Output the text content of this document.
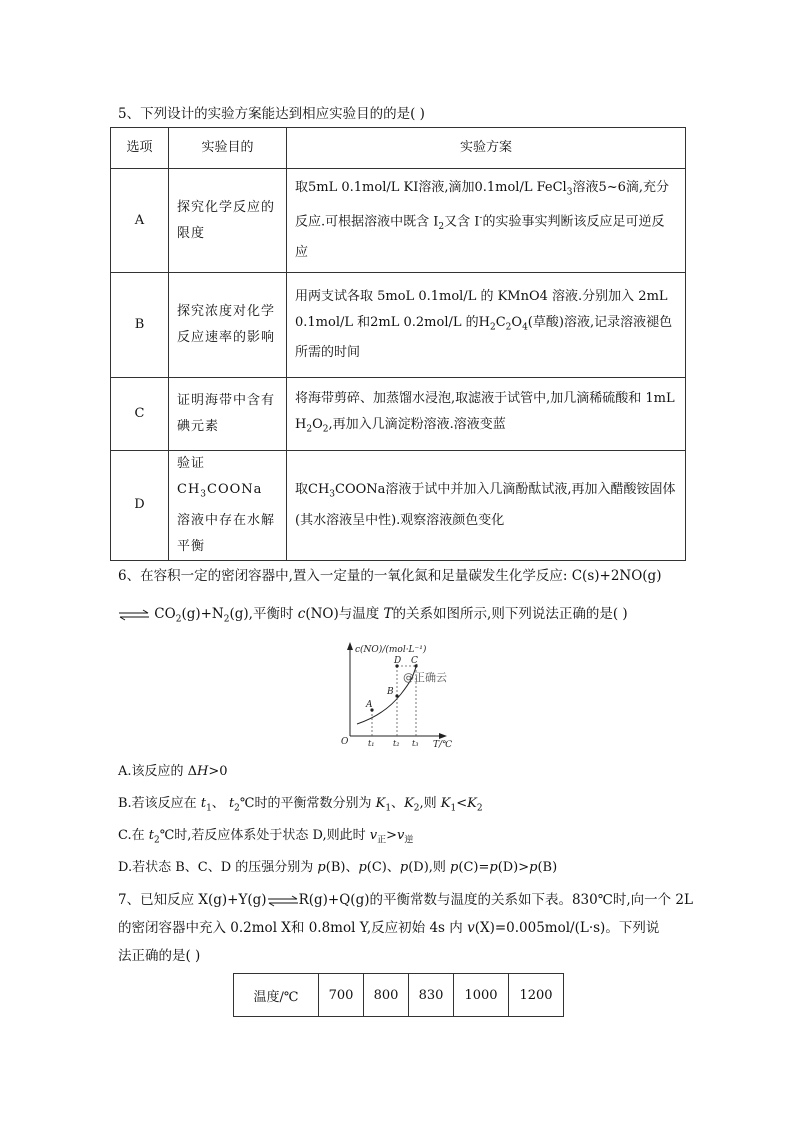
5、下列设计的实验方案能达到相应实验目的的是( )
选项	实验目的	实验方案
A	探究化学反应的限度	取5mL 0.1mol/L KI溶液,滴加0.1mol/L FeCl$_3$溶液5~6滴,充分反应.可根据溶液中既含 $I_2$又含 I-的实验事实判断该反应足可逆反应
B	探究浓度对化学反应速率的影响	用两支试各取 5moL 0.1mol/L 的 KMnO4 溶液.分别加入 2mL 0.1mol/L 和2mL 0.2mol/L 的$H_2C_2O_4$(草酸)溶液,记录溶液褪色所需的时间
C	证明海带中含有碘元素	将海带剪碎、加蒸馏水浸泡,取滤液于试管中,加几滴稀硫酸和 1mL $H_2O_2$,再加入几滴淀粉溶液.溶液变蓝
D	验证 $CH_3COONa$ 溶液中存在水解平衡	取$CH_3COONa$溶液于试中并加入几滴酚酞试液,再加入醋酸铵固体(其水溶液呈中性).观察溶液颜色变化
6、在容积一定的密闭容器中,置入一定量的一氧化氮和足量碳发生化学反应: C(s)+2NO(g)
⇌ $CO_2(g)+N_2(g)$,平衡时 c(NO)与温度 T的关系如图所示,则下列说法正确的是( )
c(NO)/(mol·L⁻¹)
T/℃
O
A
B
C
D
t₁ t₂ t₃
@正确云
A.该反应的 ΔH>0
B.若该反应在 $t_1$、 $t_2℃$时的平衡常数分别为 $K_1$、$K_2$,则 $K_1<K_2$
C.在 $t_2℃$时,若反应体系处于状态 D,则此时 $v_正>v_逆$
D.若状态 B、C、D 的压强分别为 p(B)、p(C)、p(D),则 p(C)=p(D)>p(B)
7、已知反应 X(g)+Y(g)⇌R(g)+Q(g)的平衡常数与温度的关系如下表。830℃时,向一个 2L
的密闭容器中充入 0.2mol X和 0.8mol Y,反应初始 4s 内 v(X)=0.005mol/(L·s)。下列说
法正确的是( )
温度/℃	700	800	830	1000	1200
